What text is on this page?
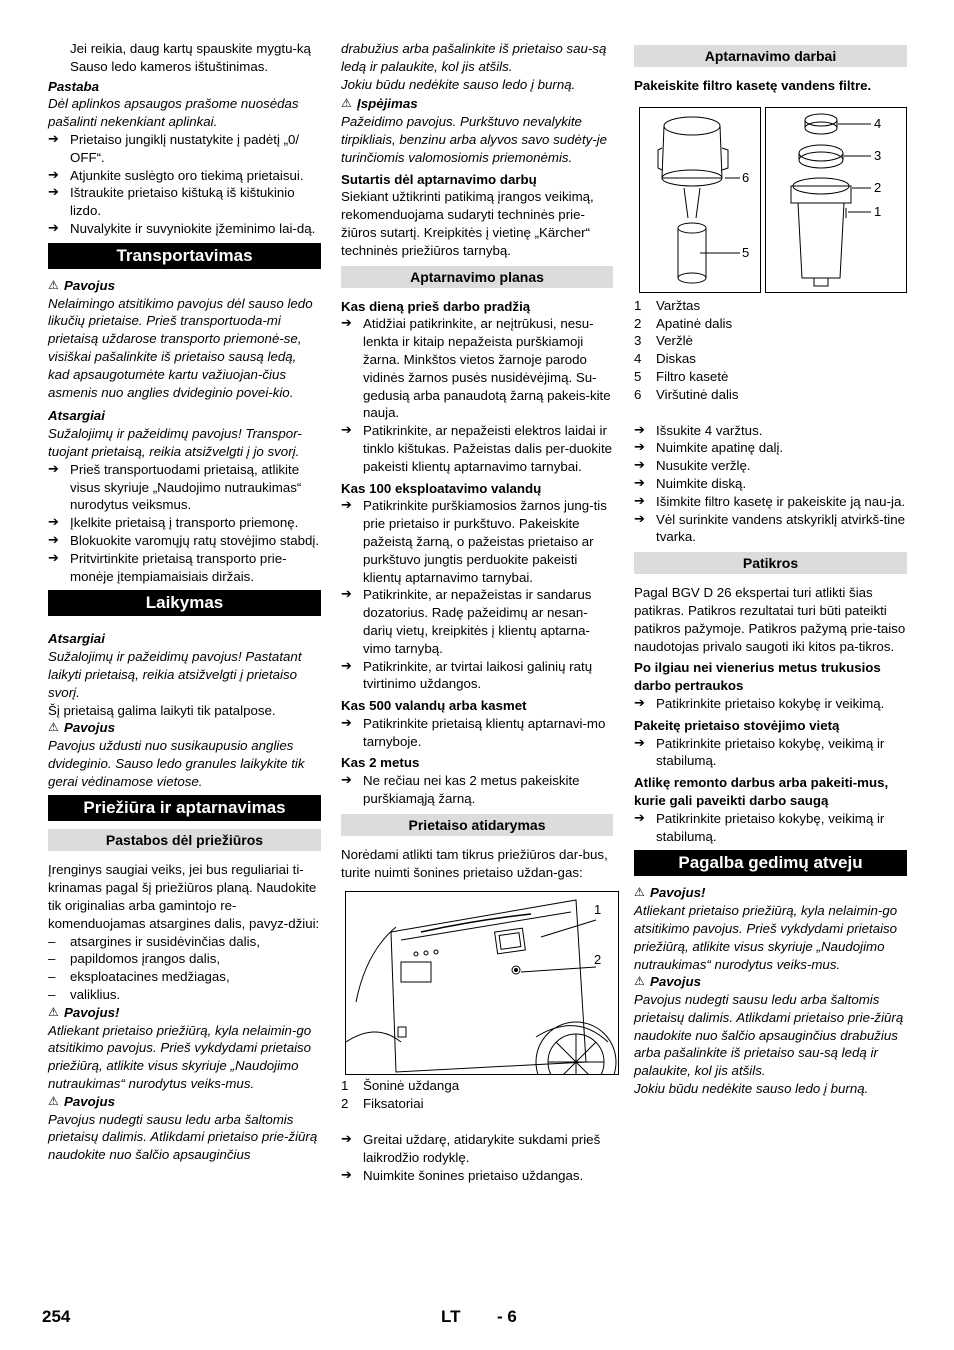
Jei reikia, daug kartų spauskite mygtu-ką Sauso ledo kameros ištuštinimas.

Pastaba

Dėl aplinkos apsaugos prašome nuosėdas pašalinti nekenkiant aplinkai.

➔ Prietaiso jungiklį nustatykite į padėtį „0/ OFF“.

➔ Atjunkite suslėgto oro tiekimą prietaisui.

➔ Ištraukite prietaiso kištuką iš kištukinio lizdo.

➔ Nuvalykite ir suvyniokite įžeminimo lai-dą.

Transportavimas

⚠ Pavojus

Nelaimingo atsitikimo pavojus dėl sauso ledo likučių prietaise. Prieš transportuoda-mi prietaisą uždarose transporto priemonė-se, visiškai pašalinkite iš prietaiso sausą ledą, kad apsaugotumėte kartu važiuojan-čius asmenis nuo anglies dvideginio povei-kio.

Atsargiai

Sužalojimų ir pažeidimų pavojus! Transpor-tuojant prietaisą, reikia atsižvelgti į jo svorį.

➔ Prieš transportuodami prietaisą, atlikite visus skyriuje „Naudojimo nutraukimas“ nurodytus veiksmus.

➔ Įkelkite prietaisą į transporto priemonę.

➔ Blokuokite varomųjų ratų stovėjimo stabdį.

➔ Pritvirtinkite prietaisą transporto prie-monėje įtempiamaisiais diržais.

Laikymas

Atsargiai

Sužalojimų ir pažeidimų pavojus! Pastatant laikyti prietaisą, reikia atsižvelgti į prietaiso svorį.

Šį prietaisą galima laikyti tik patalpose.

⚠ Pavojus

Pavojus uždusti nuo susikaupusio anglies dvideginio. Sauso ledo granules laikykite tik gerai vėdinamose vietose.

Priežiūra ir aptarnavimas
Pastabos dėl priežiūros

Įrenginys saugiai veiks, jei bus reguliariai ti-krinamas pagal šį priežiūros planą. Naudokite tik originalias arba gamintojo re-komenduojamas atsargines dalis, pavyz-džiui:

– atsargines ir susidėvinčias dalis,

– papildomos įrangos dalis,

– eksploatacines medžiagas,

– valiklius.

⚠ Pavojus!

Atliekant prietaiso priežiūrą, kyla nelaimin-go atsitikimo pavojus. Prieš vykdydami prietaiso priežiūrą, atlikite visus skyriuje „Naudojimo nutraukimas“ nurodytus veiks-mus.

⚠ Pavojus

Pavojus nudegti sausu ledu arba šaltomis prietaisų dalimis. Atlikdami prietaiso prie-žiūrą naudokite nuo šalčio apsauginčius

drabužius arba pašalinkite iš prietaiso sau-są ledą ir palaukite, kol jis atšils.

Jokiu būdu nedėkite sauso ledo į burną.

⚠ Įspėjimas

Pažeidimo pavojus. Purkštuvo nevalykite tirpikliais, benzinu arba alyvos savo sudėty-je turinčiomis valomosiomis priemonėmis.

Sutartis dėl aptarnavimo darbų

Siekiant užtikrinti patikimą įrangos veikimą, rekomenduojama sudaryti techninės prie-žiūros sutartį. Kreipkitės į vietinę „Kärcher“ techninės priežiūros tarnybą.

Aptarnavimo planas

Kas dieną prieš darbo pradžią

➔ Atidžiai patikrinkite, ar neįtrūkusi, nesu-lenkta ir kitaip nepažeista purškiamoji žarna. Minkštos vietos žarnoje parodo vidinės žarnos pusės nusidėvėjimą. Su-gedusią arba panaudotą žarną pakeis-kite nauja.

➔ Patikrinkite, ar nepažeisti elektros laidai ir tinklo kištukas. Pažeistas dalis per-duokite pakeisti klientų aptarnavimo tarnybai.

Kas 100 eksploatavimo valandų

➔ Patikrinkite purškiamosios žarnos jung-tis prie prietaiso ir purkštuvo. Pakeiskite pažeistą žarną, o pažeistas prietaiso ar purkštuvo jungtis perduokite pakeisti klientų aptarnavimo tarnybai.

➔ Patikrinkite, ar nepažeistas ir sandarus dozatorius. Radę pažeidimų ar nesan-darių vietų, kreipkitės į klientų aptarna-vimo tarnybą.

➔ Patikrinkite, ar tvirtai laikosi galinių ratų tvirtinimo uždangos.

Kas 500 valandų arba kasmet

➔ Patikrinkite prietaisą klientų aptarnavi-mo tarnyboje.

Kas 2 metus

➔ Ne rečiau nei kas 2 metus pakeiskite purškiamąją žarną.

Prietaiso atidarymas

Norėdami atlikti tam tikrus priežiūros dar-bus, turite nuimti šonines prietaiso uždan-gas:

1
2

1 Šoninė uždanga

2 Fiksatoriai

➔ Greitai uždarę, atidarykite sukdami prieš laikrodžio rodyklę.

➔ Nuimkite šonines prietaiso uždangas.

Aptarnavimo darbai

Pakeiskite filtro kasetę vandens filtre.

6
5
4
3
2
1

1 Varžtas

2 Apatinė dalis

3 Veržlė

4 Diskas

5 Filtro kasetė

6 Viršutinė dalis

➔ Išsukite 4 varžtus.

➔ Nuimkite apatinę dalį.

➔ Nusukite veržlę.

➔ Nuimkite diską.

➔ Išimkite filtro kasetę ir pakeiskite ją nau-ja.

➔ Vėl surinkite vandens atskyriklį atvirkš-tine tvarka.

Patikros

Pagal BGV D 26 ekspertai turi atlikti šias patikras. Patikros rezultatai turi būti pateikti patikros pažymoje. Patikros pažymą prie-taiso naudotojas privalo saugoti iki kitos pa-tikros.

Po ilgiau nei vienerius metus trukusios darbo pertraukos

➔ Patikrinkite prietaiso kokybę ir veikimą.

Pakeitę prietaiso stovėjimo vietą

➔ Patikrinkite prietaiso kokybę, veikimą ir stabilumą.

Atlikę remonto darbus arba pakeiti-mus, kurie gali paveikti darbo saugą

➔ Patikrinkite prietaiso kokybę, veikimą ir stabilumą.

Pagalba gedimų atveju

⚠ Pavojus!

Atliekant prietaiso priežiūrą, kyla nelaimin-go atsitikimo pavojus. Prieš vykdydami prietaiso priežiūrą, atlikite visus skyriuje „Naudojimo nutraukimas“ nurodytus veiks-mus.

⚠ Pavojus

Pavojus nudegti sausu ledu arba šaltomis prietaisų dalimis. Atlikdami prietaiso prie-žiūrą naudokite nuo šalčio apsauginčius drabužius arba pašalinkite iš prietaiso sau-są ledą ir palaukite, kol jis atšils.

Jokiu būdu nedėkite sauso ledo į burną.

254	LT - 6
